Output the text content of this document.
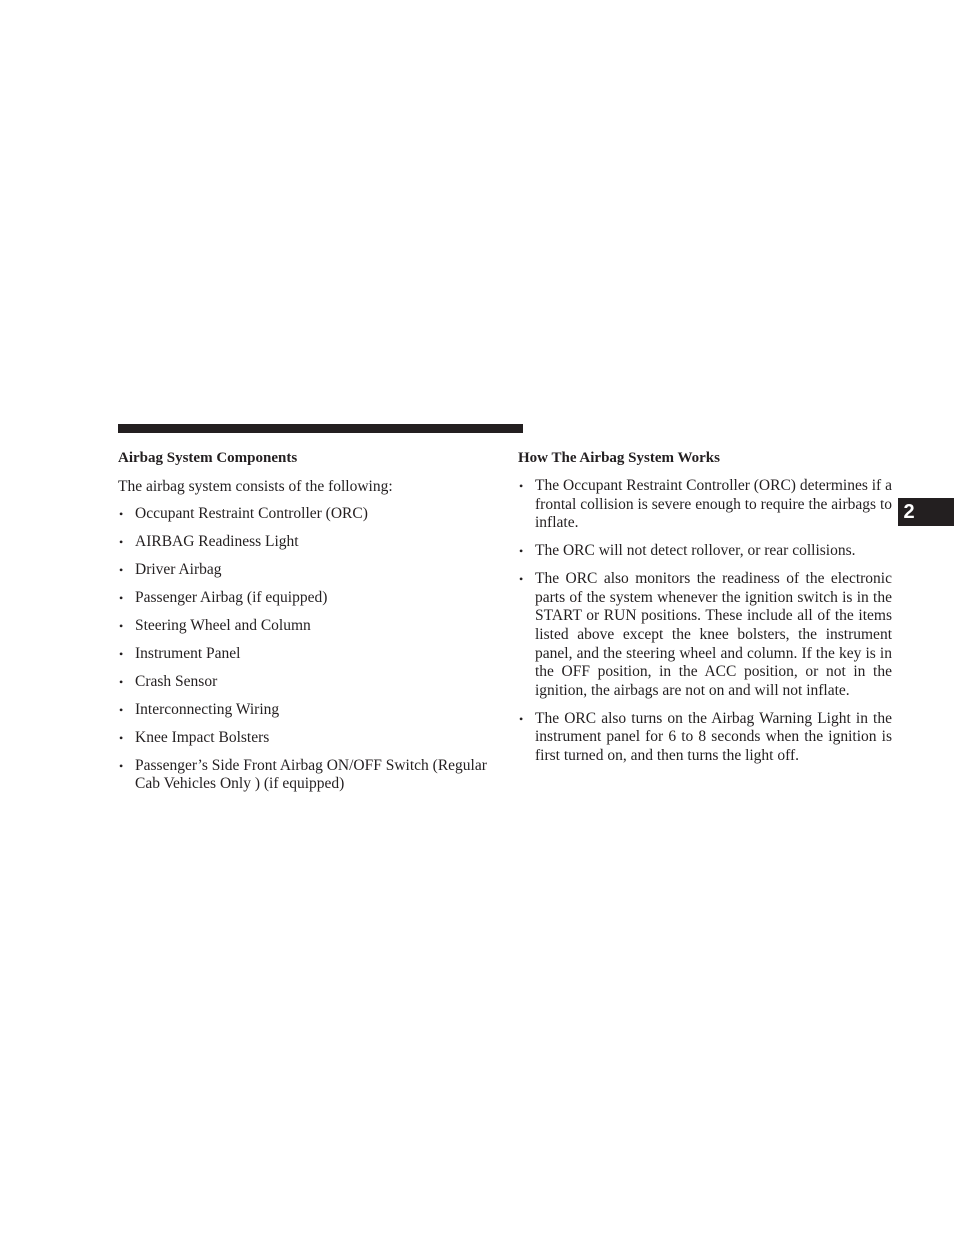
Airbag System Components
The airbag system consists of the following:
• Occupant Restraint Controller (ORC)
• AIRBAG Readiness Light
• Driver Airbag
• Passenger Airbag (if equipped)
• Steering Wheel and Column
• Instrument Panel
• Crash Sensor
• Interconnecting Wiring
• Knee Impact Bolsters
• Passenger’s Side Front Airbag ON/OFF Switch (Regular Cab Vehicles Only ) (if equipped)
How The Airbag System Works
• The Occupant Restraint Controller (ORC) determines if a frontal collision is severe enough to require the airbags to inflate.
• The ORC will not detect rollover, or rear collisions.
• The ORC also monitors the readiness of the electronic parts of the system whenever the ignition switch is in the START or RUN positions. These include all of the items listed above except the knee bolsters, the instrument panel, and the steering wheel and column. If the key is in the OFF position, in the ACC position, or not in the ignition, the airbags are not on and will not inflate.
• The ORC also turns on the Airbag Warning Light in the instrument panel for 6 to 8 seconds when the ignition is first turned on, and then turns the light off.
2
